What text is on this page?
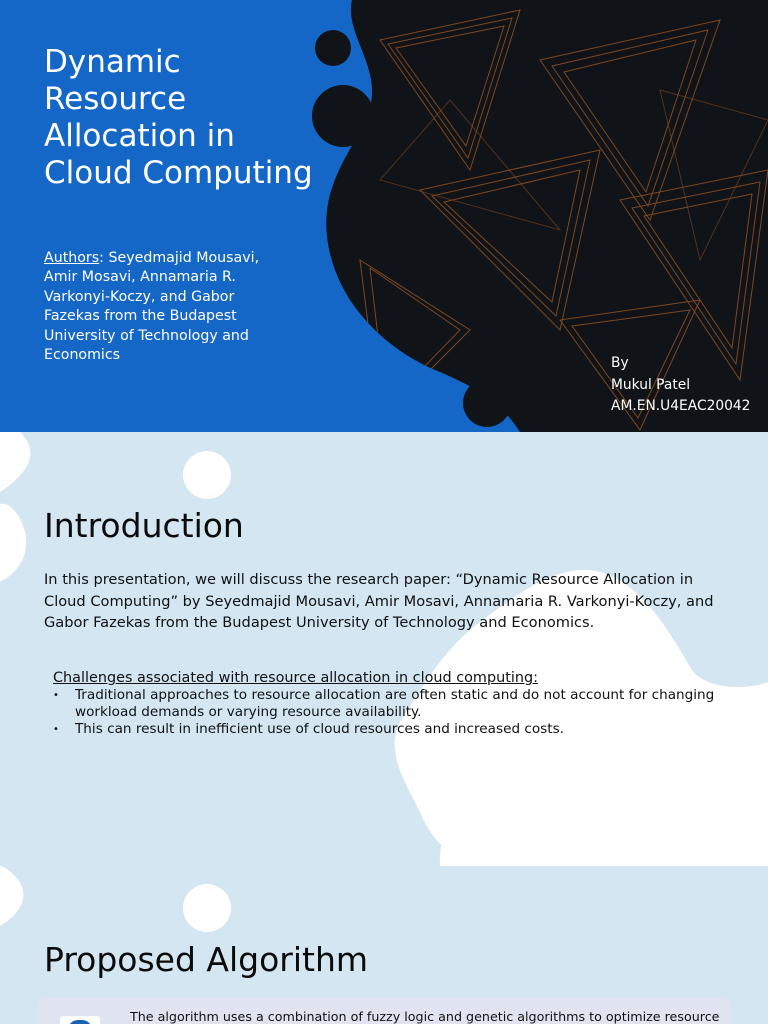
Dynamic Resource Allocation in Cloud Computing
Authors: Seyedmajid Mousavi, Amir Mosavi, Annamaria R. Varkonyi-Koczy, and Gabor Fazekas from the Budapest University of Technology and Economics	By
Mukul Patel
AM.EN.U4EAC20042
Introduction
In this presentation, we will discuss the research paper: “Dynamic Resource Allocation in Cloud Computing” by Seyedmajid Mousavi, Amir Mosavi, Annamaria R. Varkonyi-Koczy, and Gabor Fazekas from the Budapest University of Technology and Economics.
Challenges associated with resource allocation in cloud computing:
• Traditional approaches to resource allocation are often static and do not account for changing workload demands or varying resource availability.
• This can result in inefficient use of cloud resources and increased costs.
Proposed Algorithm
The algorithm uses a combination of fuzzy logic and genetic algorithms to optimize resource
